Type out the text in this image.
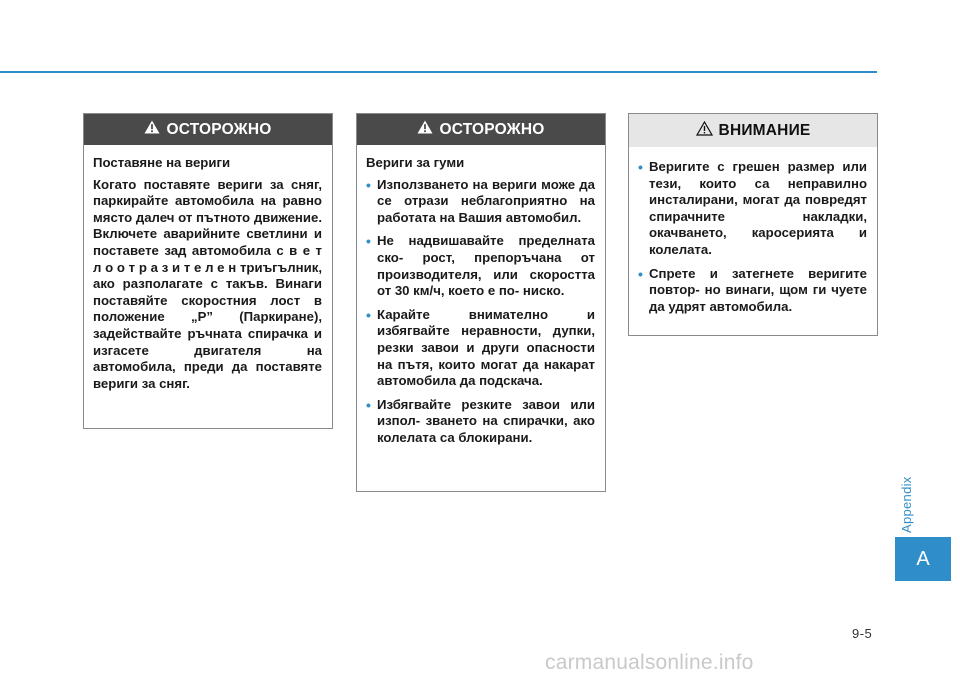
ОСТОРОЖНО

Поставяне на вериги

Когато поставяте вериги за сняг, паркирайте автомобила на равно място далеч от пътното движение. Включете аварийните светлини и поставете зад автомобила с в е т л о о т р а з и т е л е н триъгълник, ако разполагате с такъв. Винаги поставяйте скоростния лост в положение „P” (Паркиране), задействайте ръчната спирачка и изгасете двигателя на автомобила, преди да поставяте вериги за сняг.

ОСТОРОЖНО

Вериги за гуми

• Използването на вериги може да се отрази неблагоприятно на работата на Вашия автомобил.
• Не надвишавайте пределната ско- рост, препоръчана от производителя, или скоростта от 30 км/ч, което е по- ниско.
• Карайте внимателно и избягвайте неравности, дупки, резки завои и други опасности на пътя, които могат да накарат автомобила да подскача.
• Избягвайте резките завои или изпол- зването на спирачки, ако колелата са блокирани.
ВНИМАНИЕ
• Веригите с грешен размер или тези, които са неправилно инсталирани, могат да повредят спирачните накладки, окачването, каросерията и колелата.
• Спрете и затегнете веригите повтор- но винаги, щом ги чуете да удрят автомобила.
Appendix
A
9-5
carmanualsonline.info
